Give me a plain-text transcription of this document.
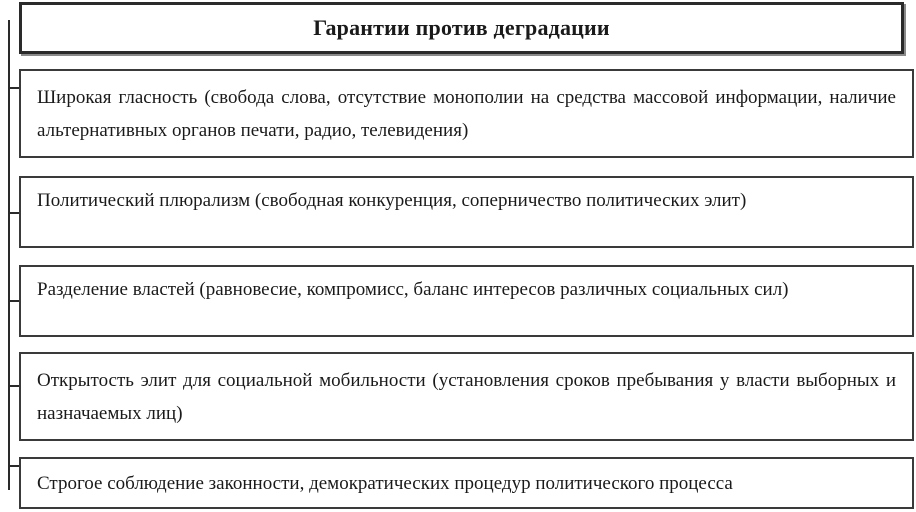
Гарантии против деградации
Широкая гласность (свобода слова, отсутствие монополии на средства массовой информации, наличие альтернативных органов печати, радио, телевидения)
Политический плюрализм (свободная конкуренция, соперничество политических элит)
Разделение властей (равновесие, компромисс, баланс интересов различных социальных сил)
Открытость элит для социальной мобильности (установления сроков пребывания у власти выборных и назначаемых лиц)
Строгое соблюдение законности, демократических процедур политического процесса
